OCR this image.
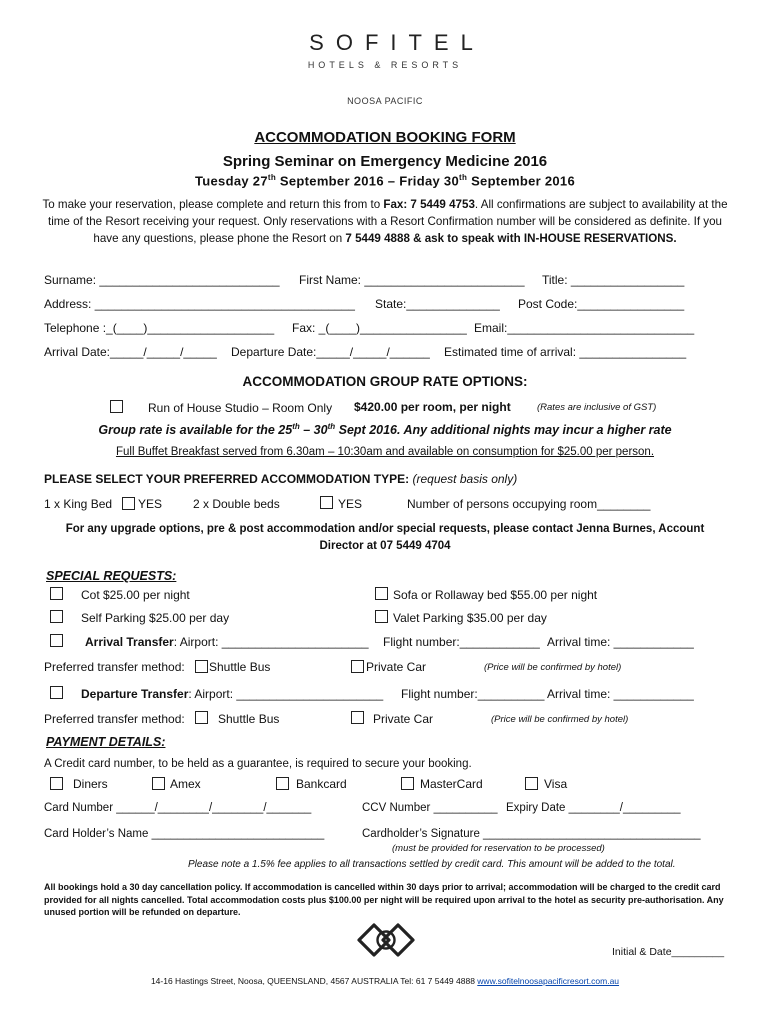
SOFITEL
HOTELS & RESORTS
NOOSA PACIFIC
ACCOMMODATION BOOKING FORM
Spring Seminar on Emergency Medicine 2016
Tuesday 27th September 2016 – Friday 30th September 2016
To make your reservation, please complete and return this from to Fax: 7 5449 4753. All confirmations are subject to availability at the time of the Resort receiving your request. Only reservations with a Resort Confirmation number will be considered as definite. If you have any questions, please phone the Resort on 7 5449 4888 & ask to speak with IN-HOUSE RESERVATIONS.
Surname: ___________________________ First Name: ________________________ Title: _________________
Address: _______________________________________ State:______________ Post Code:________________
Telephone :_(____)___________________ Fax: _(____)________________ Email:____________________________
Arrival Date:_____/_____/_____ Departure Date:_____/_____/______ Estimated time of arrival: ________________
ACCOMMODATION GROUP RATE OPTIONS:
Run of House Studio – Room Only $420.00 per room, per night	(Rates are inclusive of GST)
Group rate is available for the 25th – 30th Sept 2016. Any additional nights may incur a higher rate
Full Buffet Breakfast served from 6.30am – 10:30am and available on consumption for $25.00 per person.
PLEASE SELECT YOUR PREFERRED ACCOMMODATION TYPE: (request basis only)
1 x King Bed YES	2 x Double beds	YES	Number of persons occupying room________
For any upgrade options, pre & post accommodation and/or special requests, please contact Jenna Burnes, Account Director at 07 5449 4704
SPECIAL REQUESTS:
Cot $25.00 per night	Sofa or Rollaway bed $55.00 per night
Self Parking $25.00 per day	Valet Parking $35.00 per day
Arrival Transfer: Airport: ______________________ Flight number:____________ Arrival time: ____________
Preferred transfer method: Shuttle Bus	Private Car	(Price will be confirmed by hotel)
Departure Transfer: Airport: ______________________ Flight number:__________ Arrival time: ____________
Preferred transfer method:	Shuttle Bus	Private Car	(Price will be confirmed by hotel)
PAYMENT DETAILS:
A Credit card number, to be held as a guarantee, is required to secure your booking.
Diners	Amex	Bankcard	MasterCard	Visa
Card Number ______/________/________/_______	CCV Number __________ Expiry Date ________/_________
Card Holder’s Name ___________________________	Cardholder’s Signature __________________________________
(must be provided for reservation to be processed)
Please note a 1.5% fee applies to all transactions settled by credit card. This amount will be added to the total.
All bookings hold a 30 day cancellation policy. If accommodation is cancelled within 30 days prior to arrival; accommodation will be charged to the credit card provided for all nights cancelled. Total accommodation costs plus $100.00 per night will be required upon arrival to the hotel as security pre-authorisation. Any unused portion will be refunded on departure.
Initial & Date_________
14-16 Hastings Street, Noosa, QUEENSLAND, 4567 AUSTRALIA Tel: 61 7 5449 4888 www.sofitelnoosapacificresort.com.au
